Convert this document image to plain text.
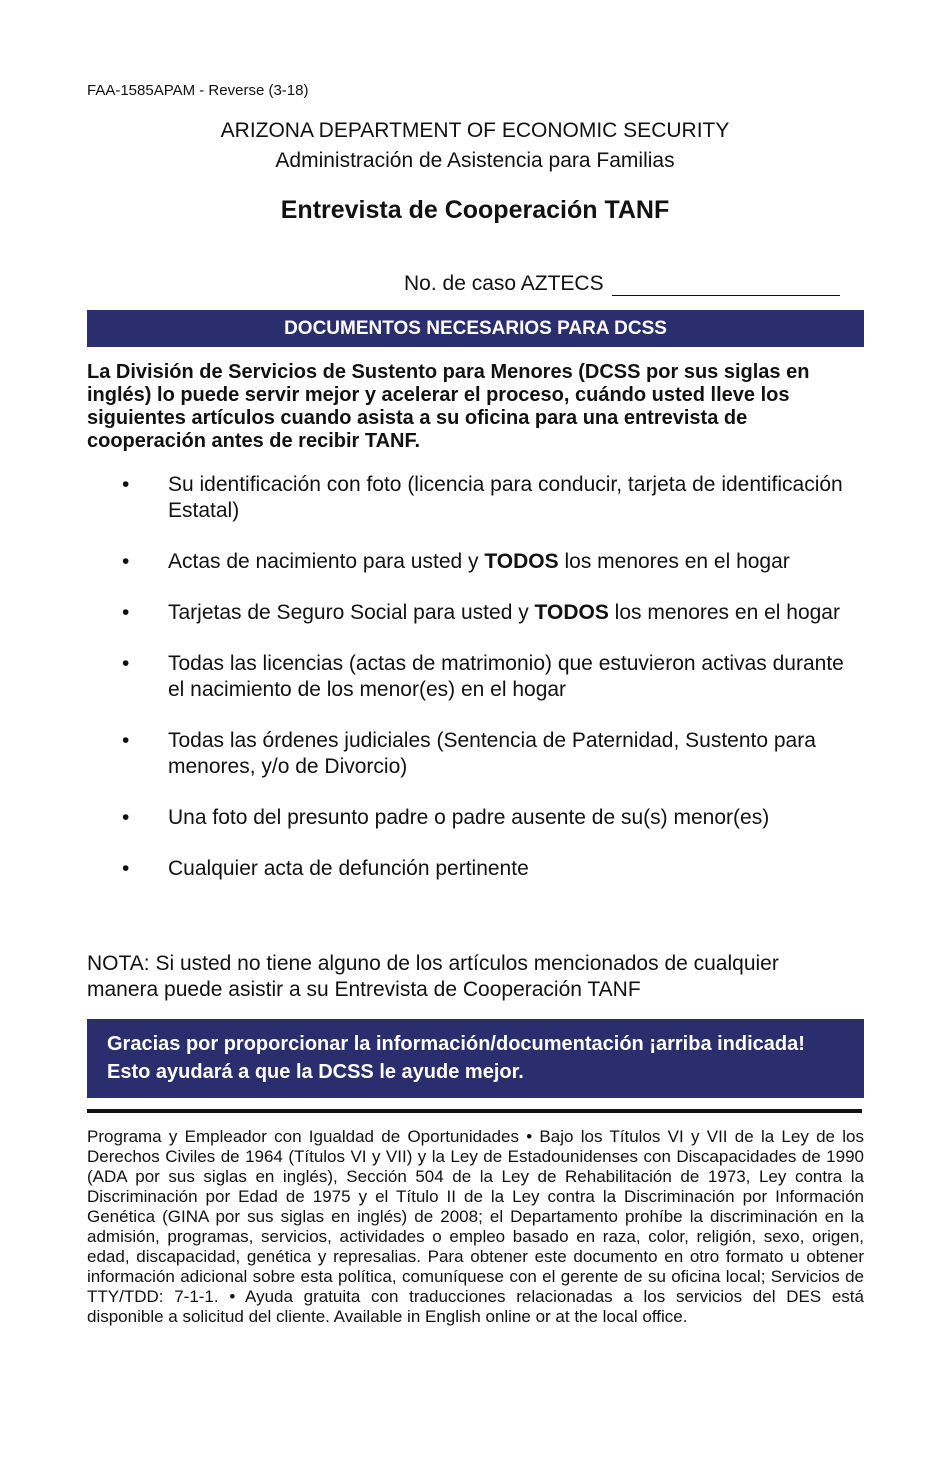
FAA-1585APAM - Reverse (3-18)
ARIZONA DEPARTMENT OF ECONOMIC SECURITY
Administración de Asistencia para Familias
Entrevista de Cooperación TANF
No. de caso AZTECS
DOCUMENTOS NECESARIOS PARA DCSS
La División de Servicios de Sustento para Menores (DCSS por sus siglas en inglés) lo puede servir mejor y acelerar el proceso, cuándo usted lleve los siguientes artículos cuando asista a su oficina para una entrevista de cooperación antes de recibir TANF.
• Su identificación con foto (licencia para conducir, tarjeta de identificación Estatal)
• Actas de nacimiento para usted y TODOS los menores en el hogar
• Tarjetas de Seguro Social para usted y TODOS los menores en el hogar
• Todas las licencias (actas de matrimonio) que estuvieron activas durante el nacimiento de los menor(es) en el hogar
• Todas las órdenes judiciales (Sentencia de Paternidad, Sustento para menores, y/o de Divorcio)
• Una foto del presunto padre o padre ausente de su(s) menor(es)
• Cualquier acta de defunción pertinente
NOTA: Si usted no tiene alguno de los artículos mencionados de cualquier manera puede asistir a su Entrevista de Cooperación TANF
Gracias por proporcionar la información/documentación ¡arriba indicada! Esto ayudará a que la DCSS le ayude mejor.
Programa y Empleador con Igualdad de Oportunidades • Bajo los Títulos VI y VII de la Ley de los Derechos Civiles de 1964 (Títulos VI y VII) y la Ley de Estadounidenses con Discapacidades de 1990 (ADA por sus siglas en inglés), Sección 504 de la Ley de Rehabilitación de 1973, Ley contra la Discriminación por Edad de 1975 y el Título II de la Ley contra la Discriminación por Información Genética (GINA por sus siglas en inglés) de 2008; el Departamento prohíbe la discriminación en la admisión, programas, servicios, actividades o empleo basado en raza, color, religión, sexo, origen, edad, discapacidad, genética y represalias. Para obtener este documento en otro formato u obtener información adicional sobre esta política, comuníquese con el gerente de su oficina local; Servicios de TTY/TDD: 7-1-1. • Ayuda gratuita con traducciones relacionadas a los servicios del DES está disponible a solicitud del cliente. Available in English online or at the local office.
